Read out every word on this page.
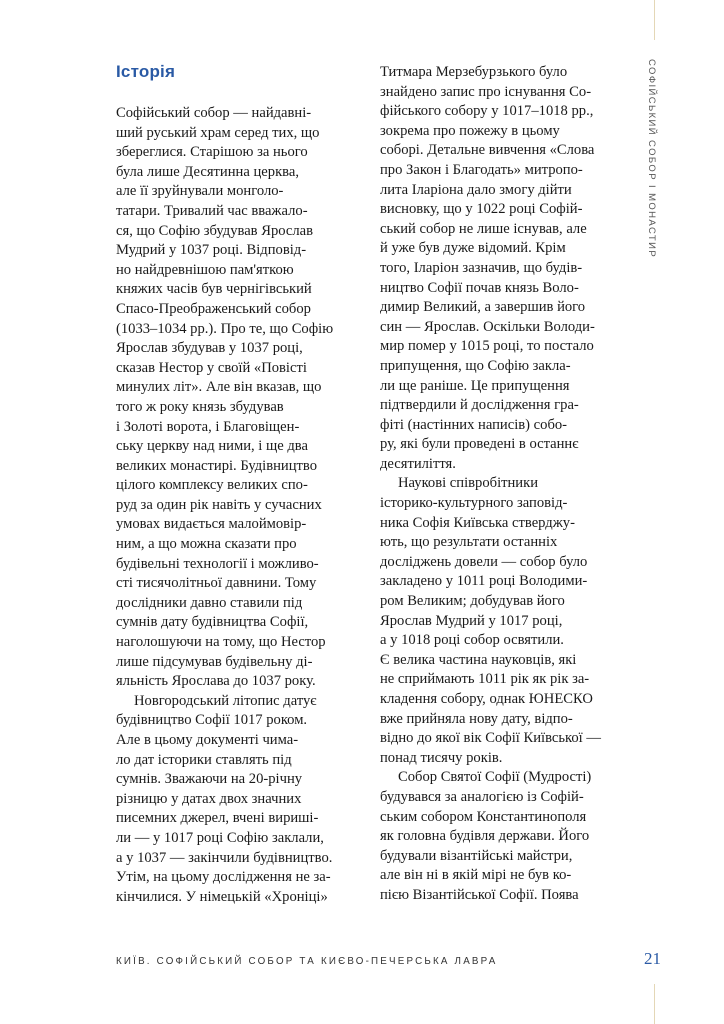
СОФІЙСЬКИЙ СОБОР І МОНАСТИР
Історія
Софійський собор — найдавні-
ший руський храм серед тих, що
збереглися. Старішою за нього
була лише Десятинна церква,
але її зруйнували монголо-
татари. Тривалий час вважало-
ся, що Софію збудував Ярослав
Мудрий у 1037 році. Відповід-
но найдревнішою пам'яткою
княжих часів був чернігівський
Спасо-Преображенський собор
(1033–1034 рр.). Про те, що Софію
Ярослав збудував у 1037 році,
сказав Нестор у своїй «Повісті
минулих літ». Але він вказав, що
того ж року князь збудував
і Золоті ворота, і Благовіщен-
ську церкву над ними, і ще два
великих монастирі. Будівництво
цілого комплексу великих спо-
руд за один рік навіть у сучасних
умовах видається малоймовір-
ним, а що можна сказати про
будівельні технології і можливо-
сті тисячолітньої давнини. Тому
дослідники давно ставили під
сумнів дату будівництва Софії,
наголошуючи на тому, що Нестор
лише підсумував будівельну ді-
яльність Ярослава до 1037 року.
Новгородський літопис датує
будівництво Софії 1017 роком.
Але в цьому документі чима-
ло дат історики ставлять під
сумнів. Зважаючи на 20-річну
різницю у датах двох значних
писемних джерел, вчені вириші-
ли — у 1017 році Софію заклали,
а у 1037 — закінчили будівництво.
Утім, на цьому дослідження не за-
кінчилися. У німецькій «Хроніці»
Титмара Мерзебурзького було
знайдено запис про існування Со-
фійського собору у 1017–1018 рр.,
зокрема про пожежу в цьому
соборі. Детальне вивчення «Слова
про Закон і Благодать» митропо-
лита Іларіона дало змогу дійти
висновку, що у 1022 році Софій-
ський собор не лише існував, але
й уже був дуже відомий. Крім
того, Іларіон зазначив, що будів-
ництво Софії почав князь Воло-
димир Великий, а завершив його
син — Ярослав. Оскільки Володи-
мир помер у 1015 році, то постало
припущення, що Софію закла-
ли ще раніше. Це припущення
підтвердили й дослідження гра-
фіті (настінних написів) собо-
ру, які були проведені в останнє
десятиліття.
Наукові співробітники
історико-культурного заповід-
ника Софія Київська стверджу-
ють, що результати останніх
досліджень довели — собор було
закладено у 1011 році Володими-
ром Великим; добудував його
Ярослав Мудрий у 1017 році,
а у 1018 році собор освятили.
Є велика частина науковців, які
не сприймають 1011 рік як рік за-
кладення собору, однак ЮНЕСКО
вже прийняла нову дату, відпо-
відно до якої вік Софії Київської —
понад тисячу років.
Собор Святої Софії (Мудрості)
будувався за аналогією із Софій-
ським собором Константинополя
як головна будівля держави. Його
будували візантійські майстри,
але він ні в якій мірі не був ко-
пією Візантійської Софії. Поява
КИЇВ. СОФІЙСЬКИЙ СОБОР ТА КИЄВО-ПЕЧЕРСЬКА ЛАВРА	21
